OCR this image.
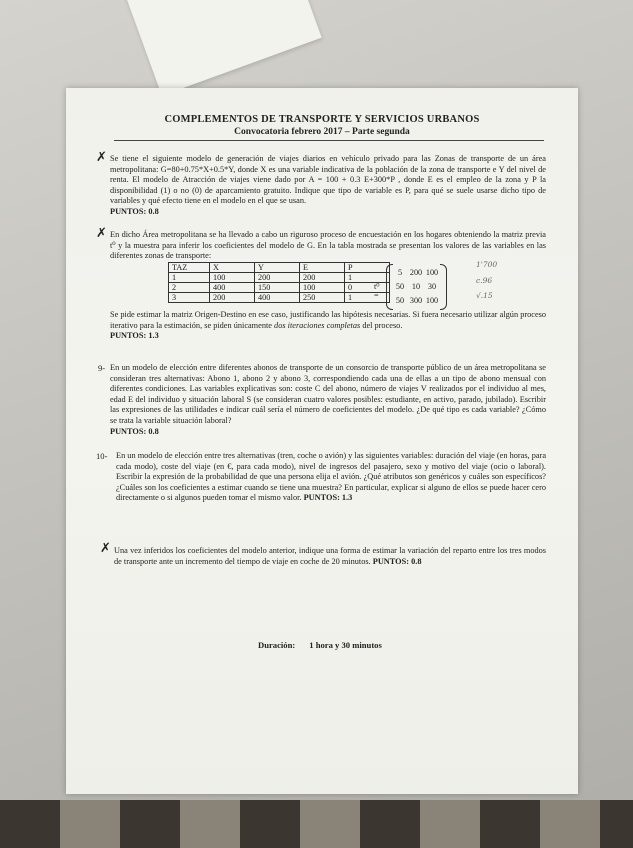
COMPLEMENTOS DE TRANSPORTE Y SERVICIOS URBANOS
Convocatoria febrero 2017 – Parte segunda
✗ Se tiene el siguiente modelo de generación de viajes diarios en vehículo privado para las Zonas de transporte de un área metropolitana: G=80+0.75*X+0.5*Y, donde X es una variable indicativa de la población de la zona de transporte e Y del nivel de renta. El modelo de Atracción de viajes viene dado por A = 100 + 0.3 E+300*P , donde E es el empleo de la zona y P la disponibilidad (1) o no (0) de aparcamiento gratuito. Indique que tipo de variable es P, para qué se suele usarse dicho tipo de variables y qué efecto tiene en el modelo en el que se usan.

PUNTOS: 0.8

✗ En dicho Área metropolitana se ha llevado a cabo un riguroso proceso de encuestación en los hogares obteniendo la matriz previa t⁰ y la muestra para inferir los coeficientes del modelo de G. En la tabla mostrada se presentan los valores de las variables en las diferentes zonas de transporte:

TAZ	X	Y	E	P
1	100	200	200	1
2	400	150	100	0
3	200	400	250	1
t⁰ =
5 200 100
50 10 30
50 300 100
1'700
c.96
√.15

Se pide estimar la matriz Origen-Destino en ese caso, justificando las hipótesis necesarias. Si fuera necesario utilizar algún proceso iterativo para la estimación, se piden únicamente dos iteraciones completas del proceso.

PUNTOS: 1.3

9- En un modelo de elección entre diferentes abonos de transporte de un consorcio de transporte público de un área metropolitana se consideran tres alternativas: Abono 1, abono 2 y abono 3, correspondiendo cada una de ellas a un tipo de abono mensual con diferentes condiciones. Las variables explicativas son: coste C del abono, número de viajes V realizados por el individuo al mes, edad E del individuo y situación laboral S (se consideran cuatro valores posibles: estudiante, en activo, parado, jubilado). Escribir las expresiones de las utilidades e indicar cuál sería el número de coeficientes del modelo. ¿De qué tipo es cada variable? ¿Cómo se trata la variable situación laboral?

PUNTOS: 0.8

10- En un modelo de elección entre tres alternativas (tren, coche o avión) y las siguientes variables: duración del viaje (en horas, para cada modo), coste del viaje (en €, para cada modo), nivel de ingresos del pasajero, sexo y motivo del viaje (ocio o laboral). Escribir la expresión de la probabilidad de que una persona elija el avión. ¿Qué atributos son genéricos y cuáles son específicos? ¿Cuáles son los coeficientes a estimar cuando se tiene una muestra? En particular, explicar si alguno de ellos se puede hacer cero directamente o si algunos pueden tomar el mismo valor. PUNTOS: 1.3

✗ Una vez inferidos los coeficientes del modelo anterior, indique una forma de estimar la variación del reparto entre los tres modos de transporte ante un incremento del tiempo de viaje en coche de 20 minutos. PUNTOS: 0.8

Duración: 1 hora y 30 minutos
